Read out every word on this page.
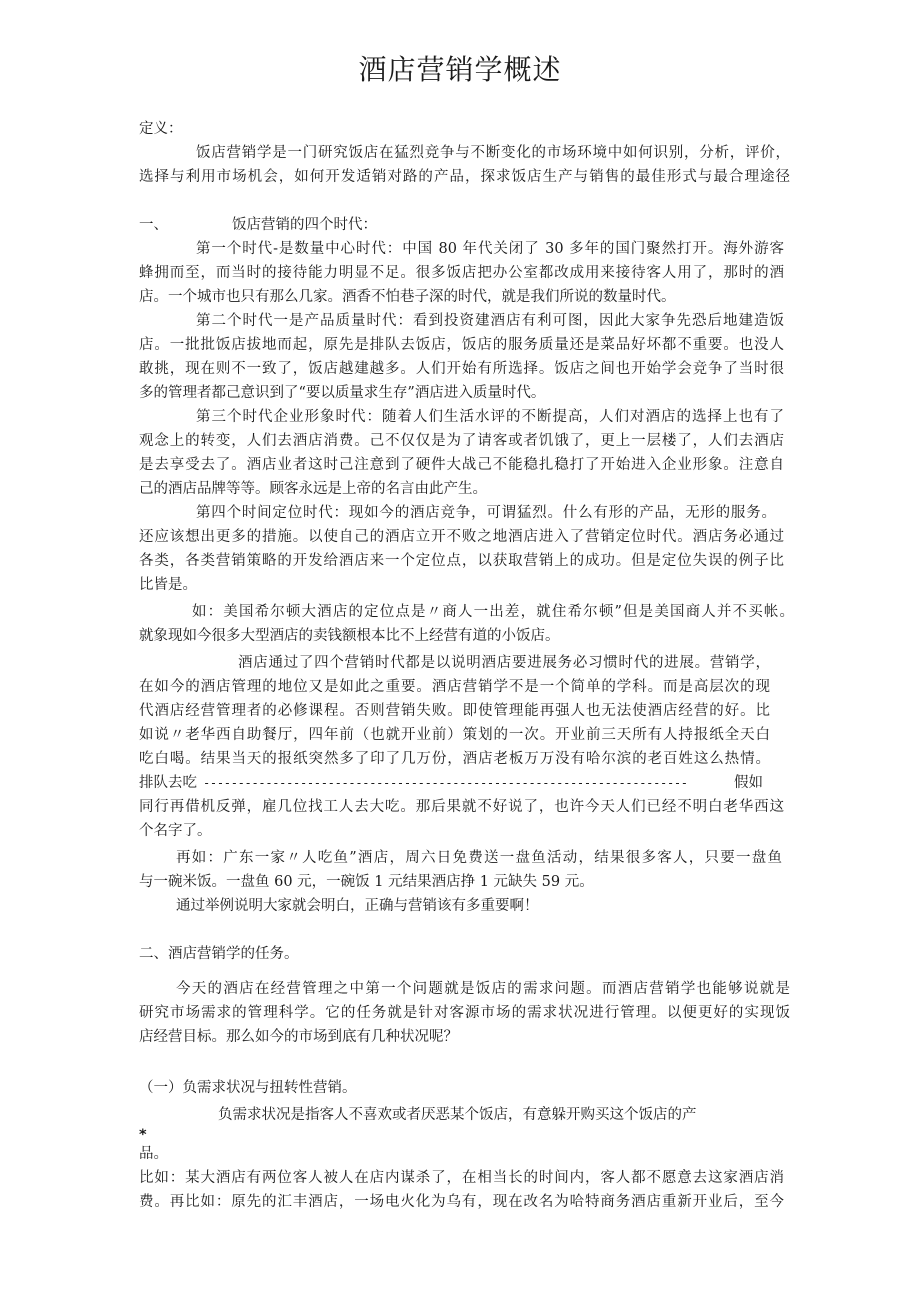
酒店营销学概述
定义：
饭店营销学是一门研究饭店在猛烈竞争与不断变化的市场环境中如何识别，分析，评价，
选择与利用市场机会，如何开发适销对路的产品，探求饭店生产与销售的最佳形式与最合理途径
一、	饭店营销的四个时代：
第一个时代-是数量中心时代：中国 80 年代关闭了 30 多年的国门聚然打开。海外游客
蜂拥而至，而当时的接待能力明显不足。很多饭店把办公室都改成用来接待客人用了，那时的酒
店。一个城市也只有那么几家。酒香不怕巷子深的时代，就是我们所说的数量时代。
第二个时代一是产品质量时代：看到投资建酒店有利可图，因此大家争先恐后地建造饭
店。一批批饭店拔地而起，原先是排队去饭店，饭店的服务质量还是菜品好坏都不重要。也没人
敢挑，现在则不一致了，饭店越建越多。人们开始有所选择。饭店之间也开始学会竞争了当时很
多的管理者都己意识到了“要以质量求生存”酒店进入质量时代。
第三个时代企业形象时代：随着人们生活水评的不断提高，人们对酒店的选择上也有了
观念上的转变，人们去酒店消费。己不仅仅是为了请客或者饥饿了，更上一层楼了，人们去酒店
是去享受去了。酒店业者这时己注意到了硬件大战己不能稳扎稳打了开始进入企业形象。注意自
己的酒店品牌等等。顾客永远是上帝的名言由此产生。
第四个时间定位时代：现如今的酒店竞争，可谓猛烈。什么有形的产品，无形的服务。
还应该想出更多的措施。以使自己的酒店立开不败之地酒店进入了营销定位时代。酒店务必通过
各类，各类营销策略的开发给酒店来一个定位点，以获取营销上的成功。但是定位失误的例子比
比皆是。
如：美国希尔顿大酒店的定位点是〃商人一出差，就住希尔顿”但是美国商人并不买帐。
就象现如今很多大型酒店的卖钱额根本比不上经营有道的小饭店。
酒店通过了四个营销时代都是以说明酒店要进展务必习惯时代的进展。营销学，
在如今的酒店管理的地位又是如此之重要。酒店营销学不是一个简单的学科。而是高层次的现
代酒店经营管理者的必修课程。否则营销失败。即使管理能再强人也无法使酒店经营的好。比
如说〃老华西自助餐厅，四年前（也就开业前）策划的一次。开业前三天所有人持报纸全天白
吃白喝。结果当天的报纸突然多了印了几万份，酒店老板万万没有哈尔滨的老百姓这么热情。
排队去吃 ----------------------------------------------------------------------	假如
同行再借机反弹，雇几位找工人去大吃。那后果就不好说了，也许今天人们已经不明白老华西这
个名字了。
再如：广东一家〃人吃鱼”酒店，周六日免费送一盘鱼活动，结果很多客人，只要一盘鱼
与一碗米饭。一盘鱼 60 元，一碗饭 1 元结果酒店挣 1 元缺失 59 元。
通过举例说明大家就会明白，正确与营销该有多重要啊！
二、酒店营销学的任务。
今天的酒店在经营管理之中第一个问题就是饭店的需求问题。而酒店营销学也能够说就是
研究市场需求的管理科学。它的任务就是针对客源市场的需求状况进行管理。以便更好的实现饭
店经营目标。那么如今的市场到底有几种状况呢？
（一）负需求状况与扭转性营销。
负需求状况是指客人不喜欢或者厌恶某个饭店，有意躲开购买这个饭店的产
*
品。
比如：某大酒店有两位客人被人在店内谋杀了，在相当长的时间内，客人都不愿意去这家酒店消
费。再比如：原先的汇丰酒店，一场电火化为乌有，现在改名为哈特商务酒店重新开业后，至今
